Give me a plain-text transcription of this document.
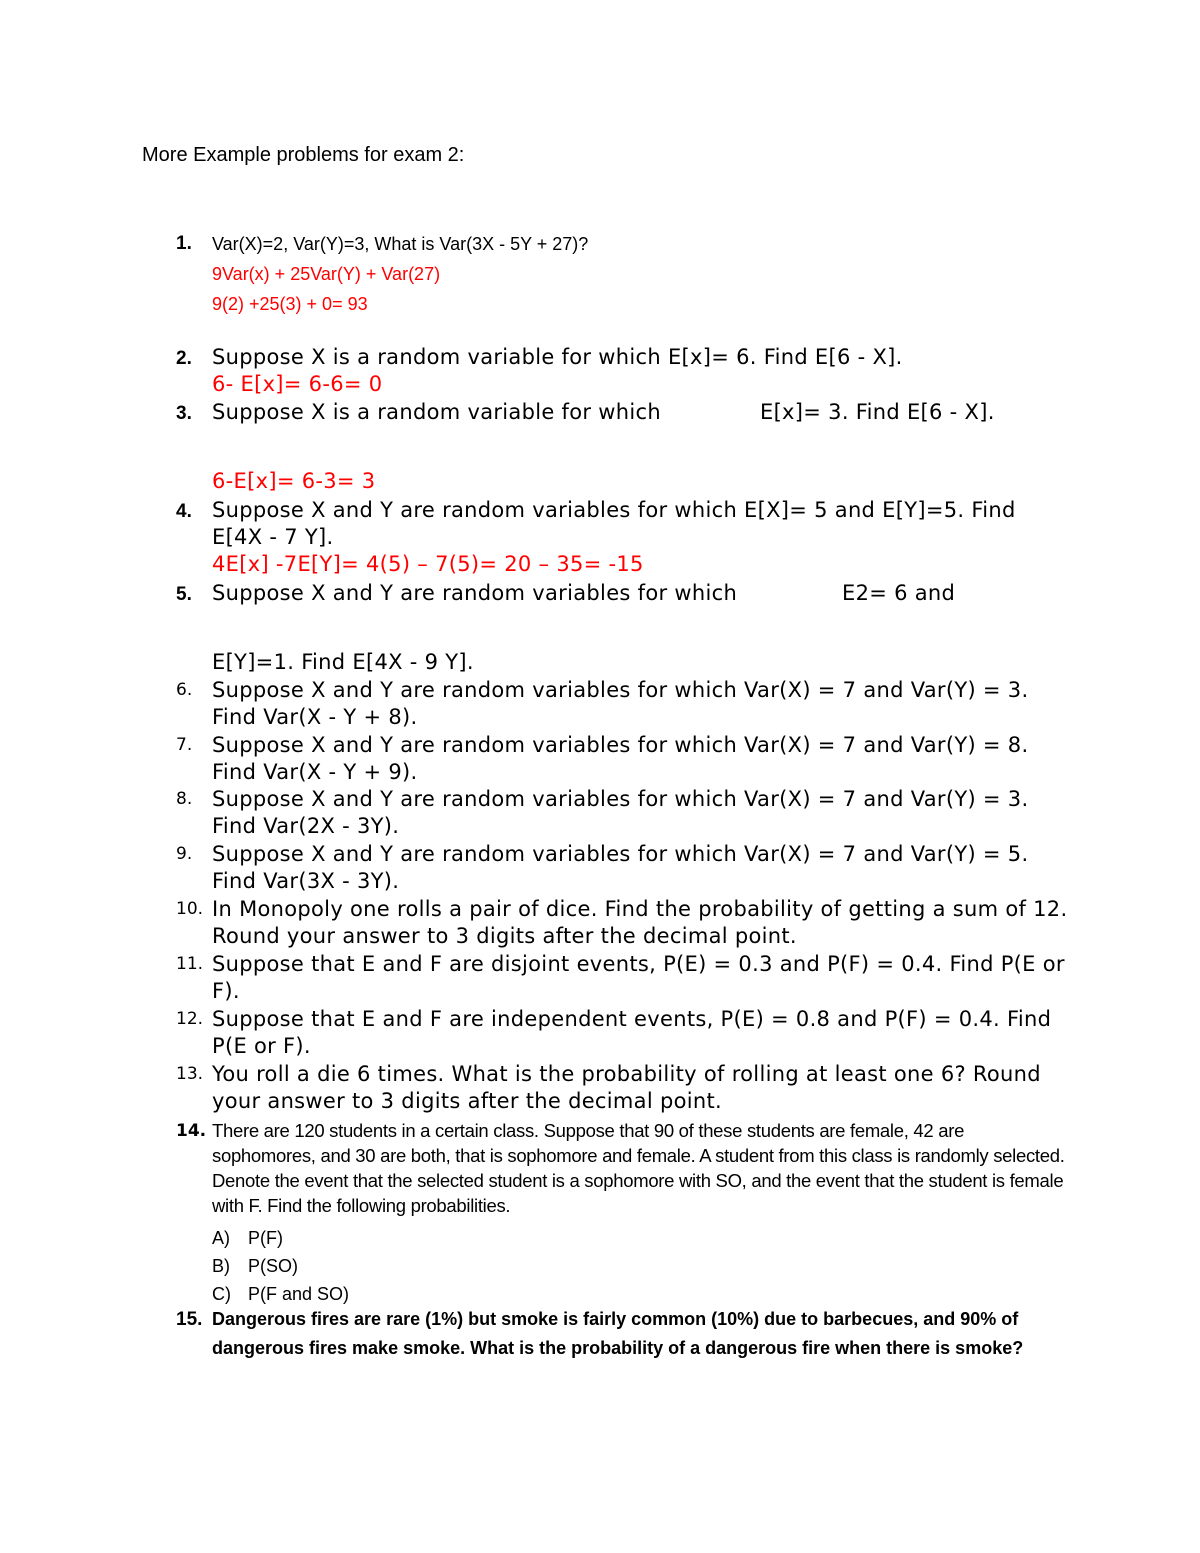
More Example problems for exam 2:
1.	Var(X)=2, Var(Y)=3, What is Var(3X - 5Y + 27)?
9Var(x) + 25Var(Y) + Var(27)
9(2) +25(3) + 0= 93
2. Suppose X is a random variable for which E[x]= 6. Find E[6 - X].
6- E[x]= 6-6= 0
3. Suppose X is a random variable for which	E[x]= 3. Find E[6 - X].
6-E[x]= 6-3= 3
4. Suppose X and Y are random variables for which E[X]= 5 and E[Y]=5. Find E[4X - 7 Y].
4E[x] -7E[Y]= 4(5) – 7(5)= 20 – 35= -15
5. Suppose X and Y are random variables for which	E2= 6 and
E[Y]=1. Find E[4X - 9 Y].
6. Suppose X and Y are random variables for which Var(X) = 7 and Var(Y) = 3. Find Var(X - Y + 8).
7. Suppose X and Y are random variables for which Var(X) = 7 and Var(Y) = 8. Find Var(X - Y + 9).
8. Suppose X and Y are random variables for which Var(X) = 7 and Var(Y) = 3. Find Var(2X - 3Y).
9. Suppose X and Y are random variables for which Var(X) = 7 and Var(Y) = 5. Find Var(3X - 3Y).
10. In Monopoly one rolls a pair of dice. Find the probability of getting a sum of 12. Round your answer to 3 digits after the decimal point.
11. Suppose that E and F are disjoint events, P(E) = 0.3 and P(F) = 0.4. Find P(E or F).
12. Suppose that E and F are independent events, P(E) = 0.8 and P(F) = 0.4. Find P(E or F).
13. You roll a die 6 times. What is the probability of rolling at least one 6? Round your answer to 3 digits after the decimal point.
14. There are 120 students in a certain class. Suppose that 90 of these students are female, 42 are sophomores, and 30 are both, that is sophomore and female. A student from this class is randomly selected. Denote the event that the selected student is a sophomore with SO, and the event that the student is female with F. Find the following probabilities.
A)	P(F)
B)	P(SO)
C) P(F and SO)
15. Dangerous fires are rare (1%) but smoke is fairly common (10%) due to barbecues, and 90% of dangerous fires make smoke. What is the probability of a dangerous fire when there is smoke?
